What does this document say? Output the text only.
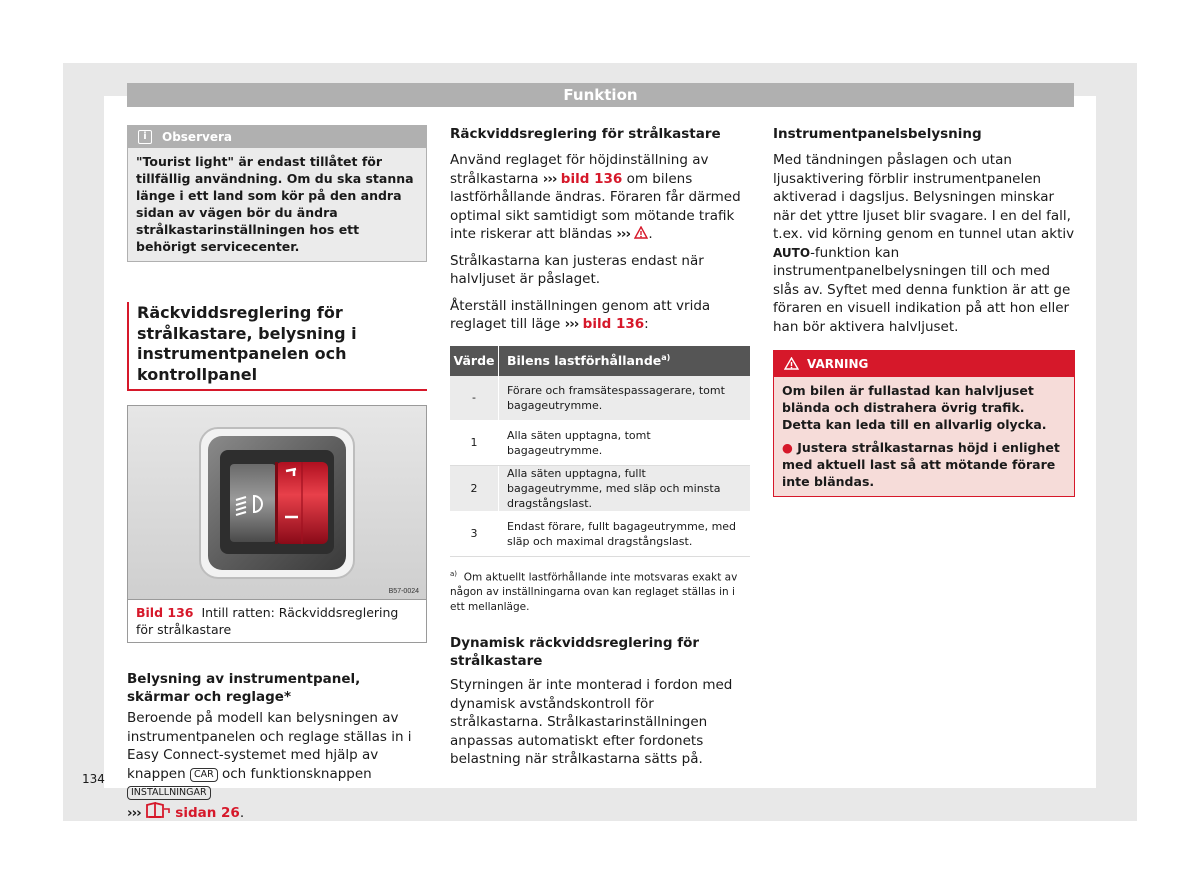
Funktion
i	Observera
"Tourist light" är endast tillåtet för tillfällig användning. Om du ska stanna länge i ett land som kör på den andra sidan av vägen bör du ändra strålkastarinställningen hos ett behörigt servicecenter.
Räckviddsreglering för strålkastare, belysning i instrumentpanelen och kontrollpanel
B57-0024
Bild 136 Intill ratten: Räckviddsreglering för strålkastare

Belysning av instrumentpanel, skärmar och reglage*

Beroende på modell kan belysningen av instrumentpanelen och reglage ställas in i Easy Connect-systemet med hjälp av knappen CAR och funktionsknappen INSTÄLLNINGAR
›››	sidan 26.

Räckviddsreglering för strålkastare

Använd reglaget för höjdinställning av strålkastarna ››› bild 136 om bilens lastförhållande ändras. Föraren får därmed optimal sikt samtidigt som mötande trafik inte riskerar att bländas ››› .

Strålkastarna kan justeras endast när halvljuset är påslaget.

Återställ inställningen genom att vrida reglaget till läge ››› bild 136:

Värde	Bilens lastförhållande$^{a)}$
-	Förare och framsätespassagerare, tomt bagageutrymme.
1	Alla säten upptagna, tomt bagageutrymme.
2	Alla säten upptagna, fullt bagageutrymme, med släp och minsta dragstångslast.
3	Endast förare, fullt bagageutrymme, med släp och maximal dragstångslast.
$^{a)}$ Om aktuellt lastförhållande inte motsvaras exakt av någon av inställningarna ovan kan reglaget ställas in i ett mellanläge.

Dynamisk räckviddsreglering för strålkastare

Styrningen är inte monterad i fordon med dynamisk avståndskontroll för strålkastarna. Strålkastarinställningen anpassas automatiskt efter fordonets belastning när strålkastarna sätts på.

Instrumentpanelsbelysning

Med tändningen påslagen och utan ljusaktivering förblir instrumentpanelen aktiverad i dagsljus. Belysningen minskar när det yttre ljuset blir svagare. I en del fall, t.ex. vid körning genom en tunnel utan aktiv AUTO-funktion kan instrumentpanelbelysningen till och med slås av. Syftet med denna funktion är att ge föraren en visuell indikation på att hon eller han bör aktivera halvljuset.

VARNING
Om bilen är fullastad kan halvljuset blända och distrahera övrig trafik. Detta kan leda till en allvarlig olycka.
● Justera strålkastarnas höjd i enlighet med aktuell last så att mötande förare inte bländas.
134
